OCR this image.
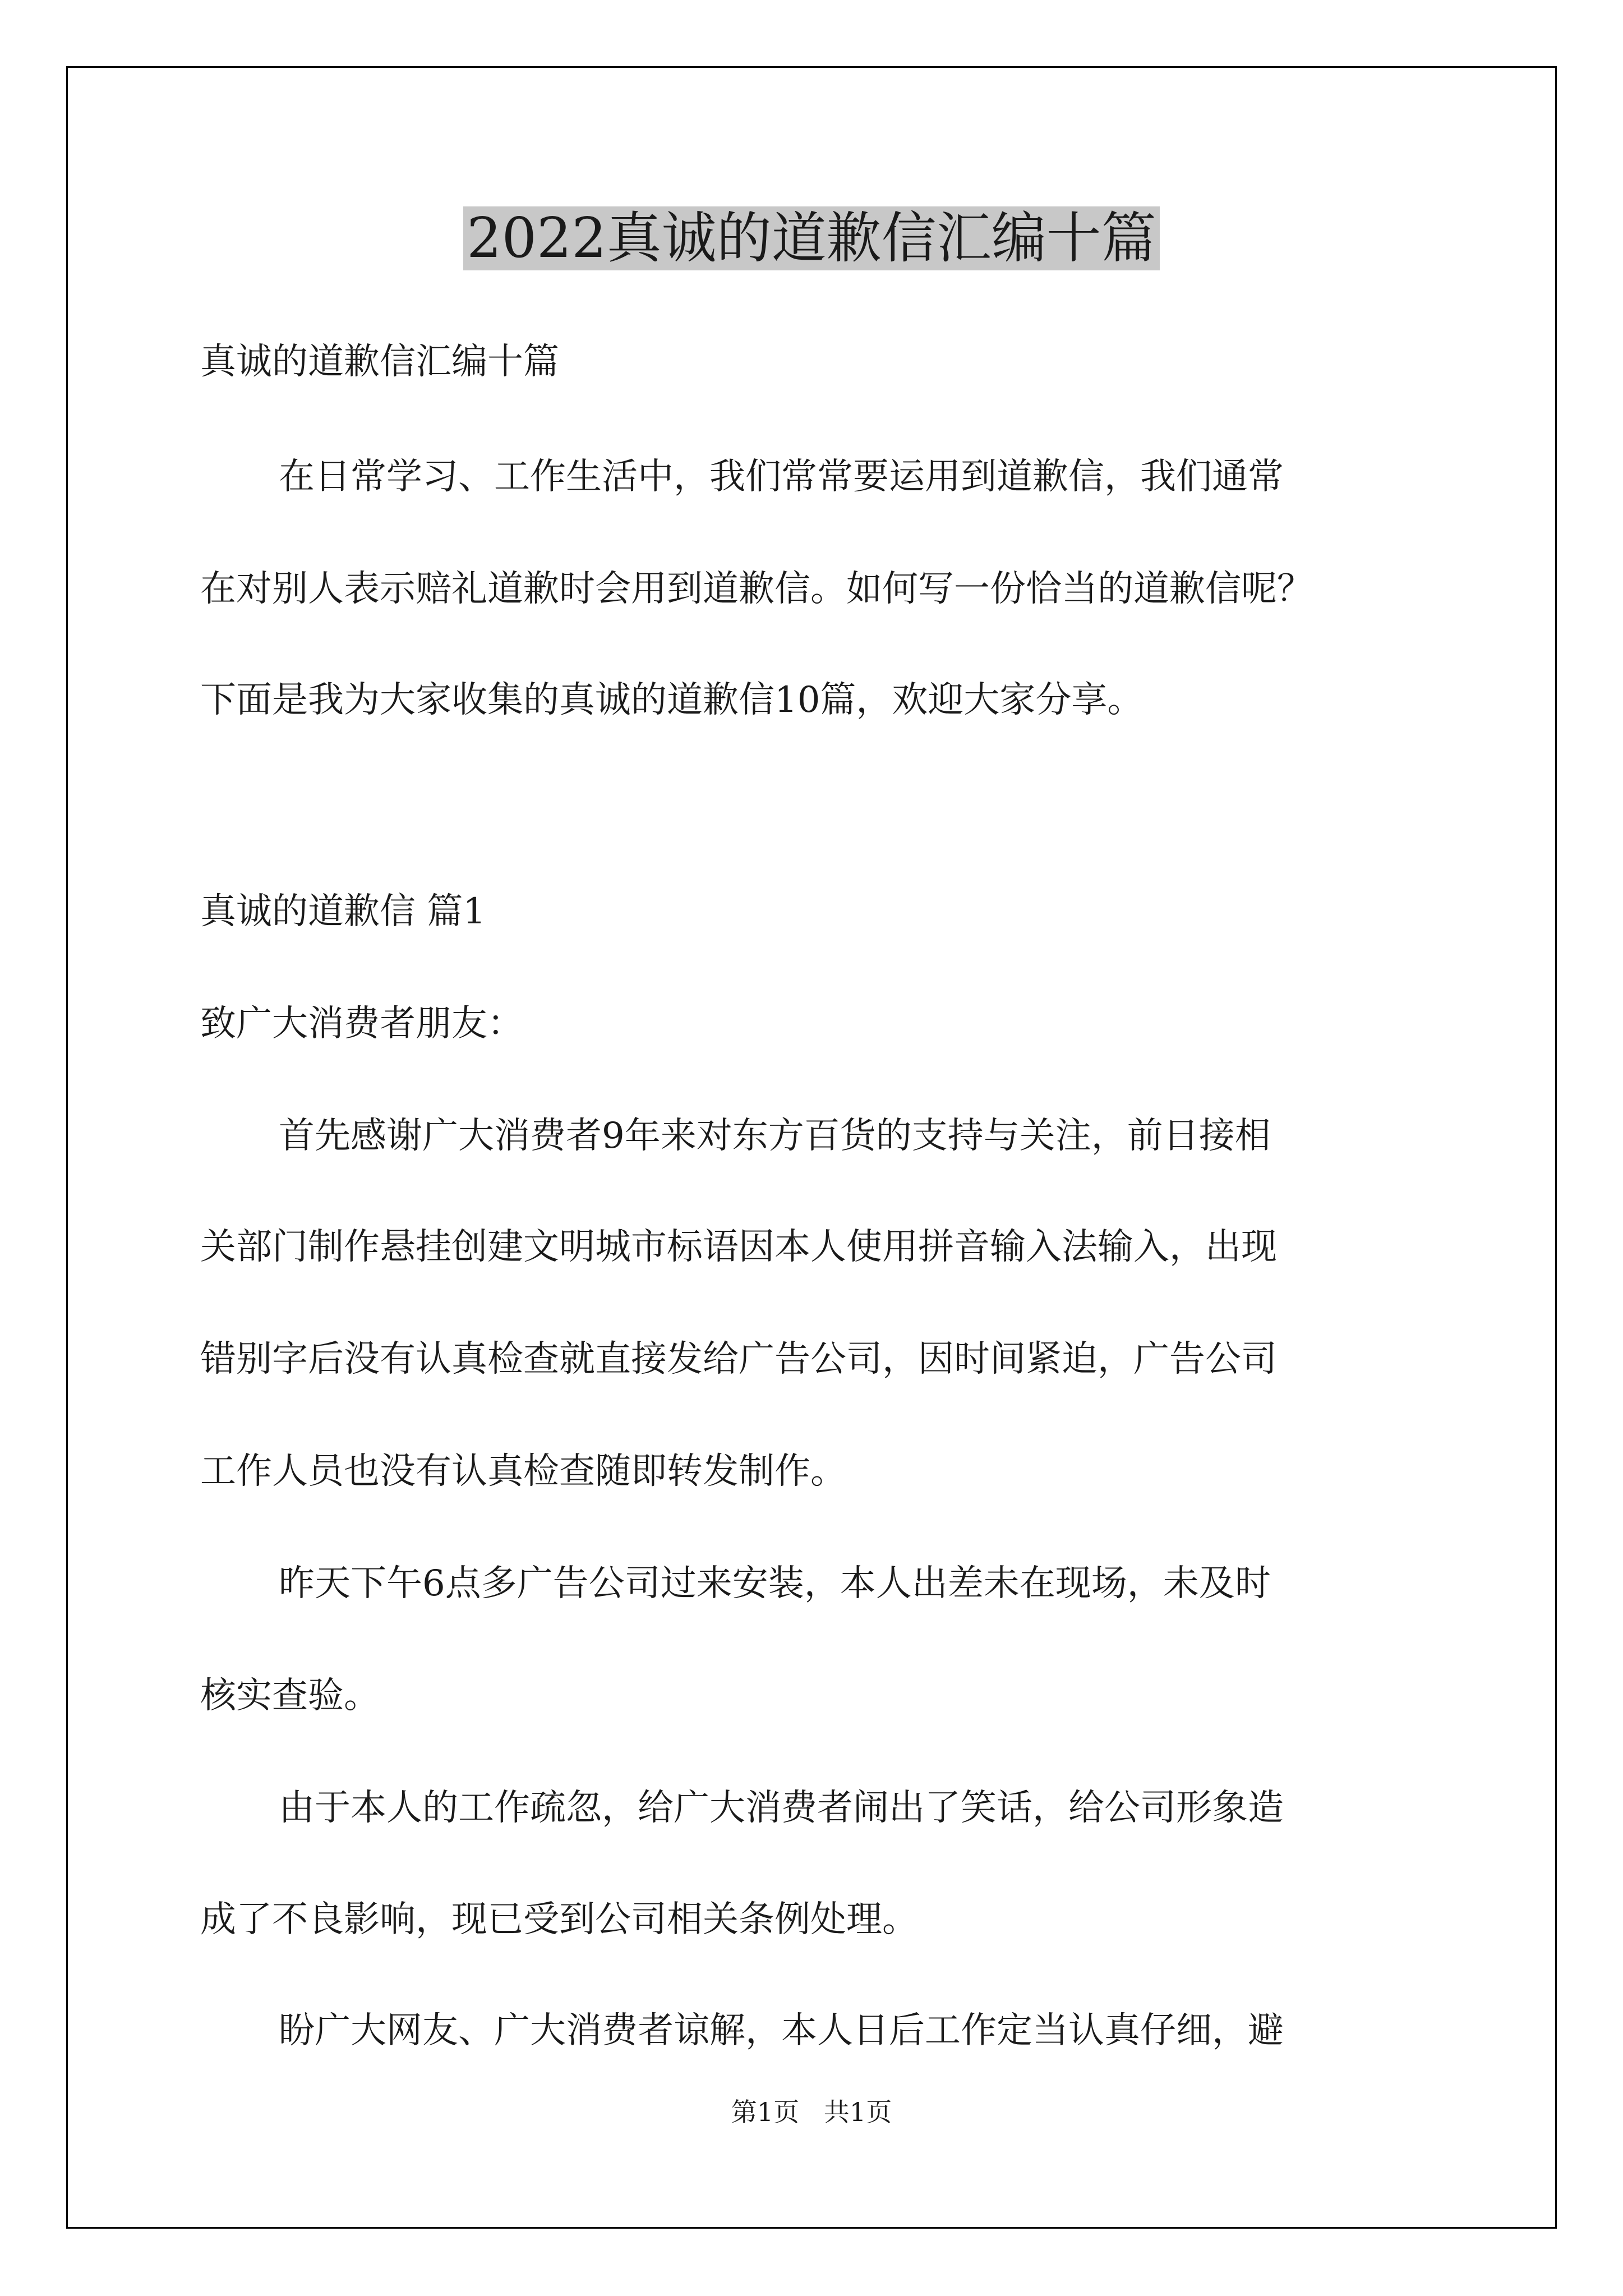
2022真诚的道歉信汇编十篇

真诚的道歉信汇编十篇

在日常学习、工作生活中，我们常常要运用到道歉信，我们通常

在对别人表示赔礼道歉时会用到道歉信。如何写一份恰当的道歉信呢？

下面是我为大家收集的真诚的道歉信10篇，欢迎大家分享。

真诚的道歉信 篇1

致广大消费者朋友：

首先感谢广大消费者9年来对东方百货的支持与关注，前日接相

关部门制作悬挂创建文明城市标语因本人使用拼音输入法输入，出现

错别字后没有认真检查就直接发给广告公司，因时间紧迫，广告公司

工作人员也没有认真检查随即转发制作。

昨天下午6点多广告公司过来安装，本人出差未在现场，未及时

核实查验。

由于本人的工作疏忽，给广大消费者闹出了笑话，给公司形象造

成了不良影响，现已受到公司相关条例处理。

盼广大网友、广大消费者谅解，本人日后工作定当认真仔细，避

第1页   共1页
